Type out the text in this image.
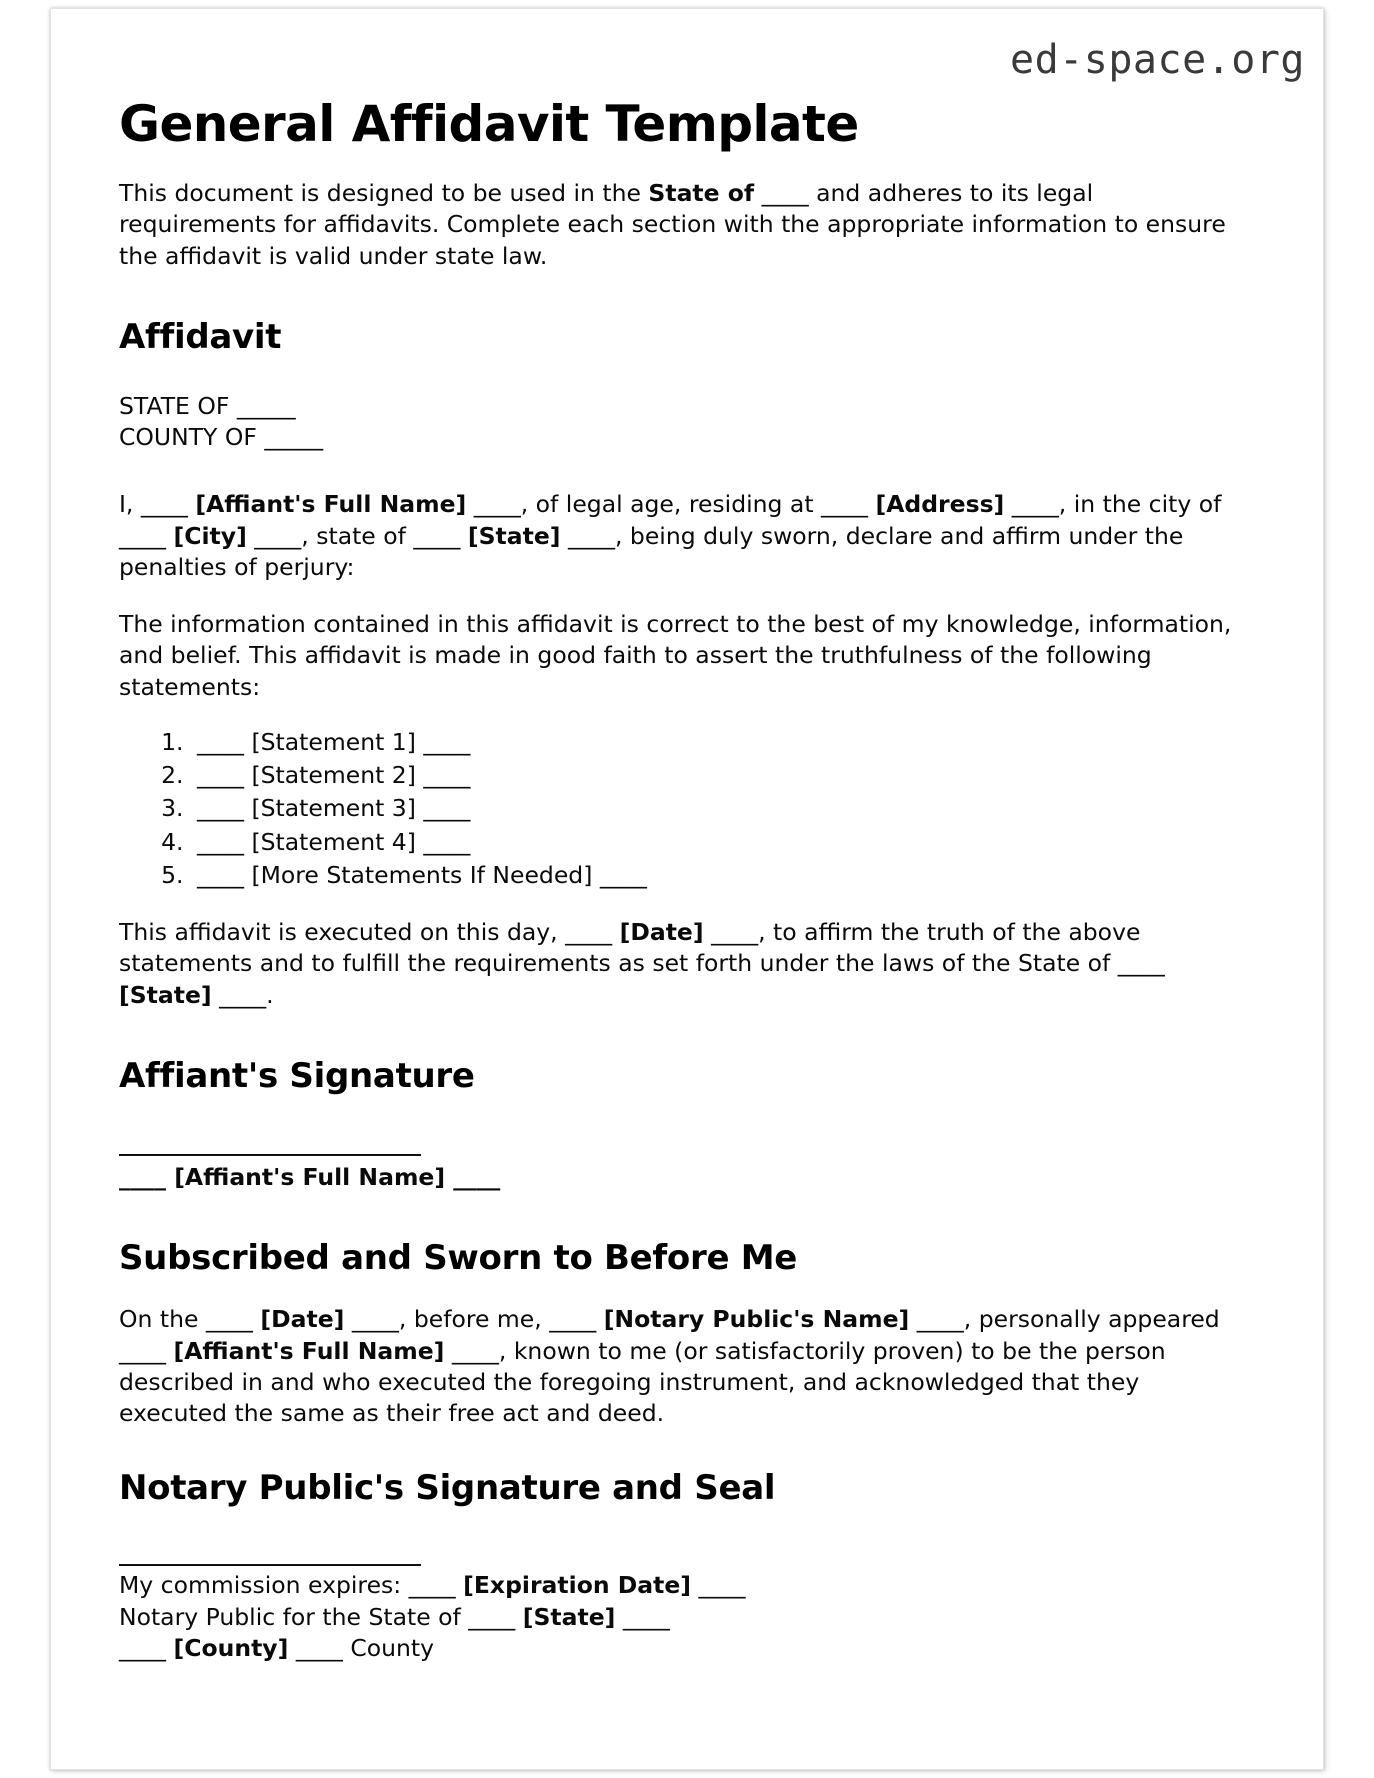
ed-space.org
General Affidavit Template

This document is designed to be used in the State of ____ and adheres to its legal requirements for affidavits. Complete each section with the appropriate information to ensure the affidavit is valid under state law.

Affidavit
STATE OF _____
COUNTY OF _____

I, ____ [Affiant's Full Name] ____, of legal age, residing at ____ [Address] ____, in the city of ____ [City] ____, state of ____ [State] ____, being duly sworn, declare and affirm under the penalties of perjury:

The information contained in this affidavit is correct to the best of my knowledge, information, and belief. This affidavit is made in good faith to assert the truthfulness of the following statements:

1. ____ [Statement 1] ____
2. ____ [Statement 2] ____
3. ____ [Statement 3] ____
4. ____ [Statement 4] ____
5. ____ [More Statements If Needed] ____

This affidavit is executed on this day, ____ [Date] ____, to affirm the truth of the above statements and to fulfill the requirements as set forth under the laws of the State of ____ [State] ____.

Affiant's Signature
____ [Affiant's Full Name] ____
Subscribed and Sworn to Before Me

On the ____ [Date] ____, before me, ____ [Notary Public's Name] ____, personally appeared ____ [Affiant's Full Name] ____, known to me (or satisfactorily proven) to be the person described in and who executed the foregoing instrument, and acknowledged that they executed the same as their free act and deed.

Notary Public's Signature and Seal
My commission expires: ____ [Expiration Date] ____
Notary Public for the State of ____ [State] ____
____ [County] ____ County
